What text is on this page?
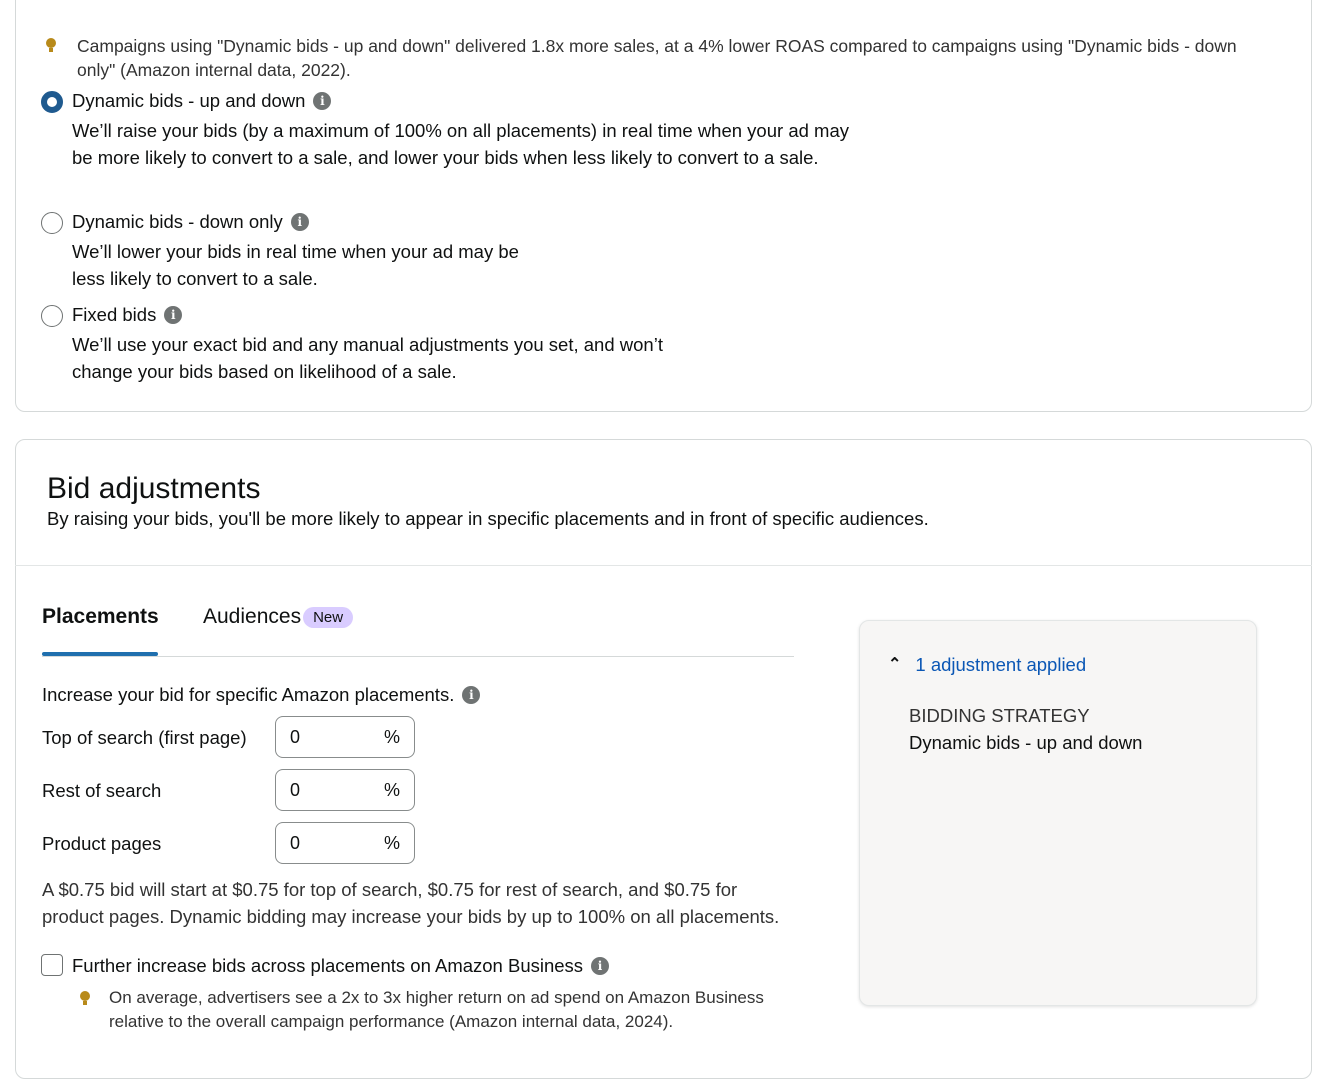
Campaigns using "Dynamic bids - up and down" delivered 1.8x more sales, at a 4% lower ROAS compared to campaigns using "Dynamic bids - down only" (Amazon internal data, 2022).
Dynamic bids - up and down	i
We’ll raise your bids (by a maximum of 100% on all placements) in real time when your ad may be more likely to convert to a sale, and lower your bids when less likely to convert to a sale.
Dynamic bids - down only	i
We’ll lower your bids in real time when your ad may be less likely to convert to a sale.
Fixed bids	i
We’ll use your exact bid and any manual adjustments you set, and won’t change your bids based on likelihood of a sale.
Bid adjustments
By raising your bids, you'll be more likely to appear in specific placements and in front of specific audiences.
Placements Audiences New
Increase your bid for specific Amazon placements.	i
Top of search (first page) 0	%
Rest of search	0	%
Product pages	0	%
A $0.75 bid will start at $0.75 for top of search, $0.75 for rest of search, and $0.75 for
product pages. Dynamic bidding may increase your bids by up to 100% on all placements.
Further increase bids across placements on Amazon Business	i
On average, advertisers see a 2x to 3x higher return on ad spend on Amazon Business relative to the overall campaign performance (Amazon internal data, 2024).
⌃ 1 adjustment applied
BIDDING STRATEGY
Dynamic bids - up and down
